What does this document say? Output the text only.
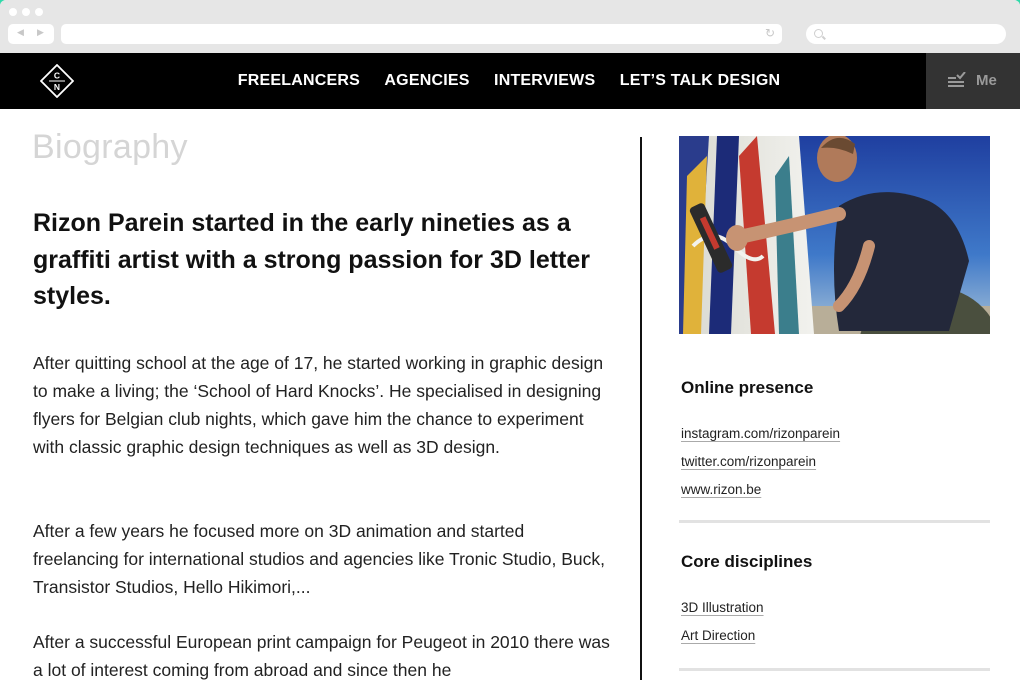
◀ ▶	↻
FREELANCERS AGENCIES INTERVIEWS LET’S TALK DESIGN
C
N	Me
Biography

Rizon Parein started in the early nineties as a graffiti artist with a strong passion for 3D letter styles.

After quitting school at the age of 17, he started working in graphic design to make a living; the ‘School of Hard Knocks’. He specialised in designing flyers for Belgian club nights, which gave him the chance to experiment with classic graphic design techniques as well as 3D design.

After a few years he focused more on 3D animation and started freelancing for international studios and agencies like Tronic Studio, Buck, Transistor Studios, Hello Hikimori,...

After a successful European print campaign for Peugeot in 2010 there was a lot of interest coming from abroad and since then he

Online presence
instagram.com/rizonparein
twitter.com/rizonparein
www.rizon.be
Core disciplines
3D Illustration
Art Direction
